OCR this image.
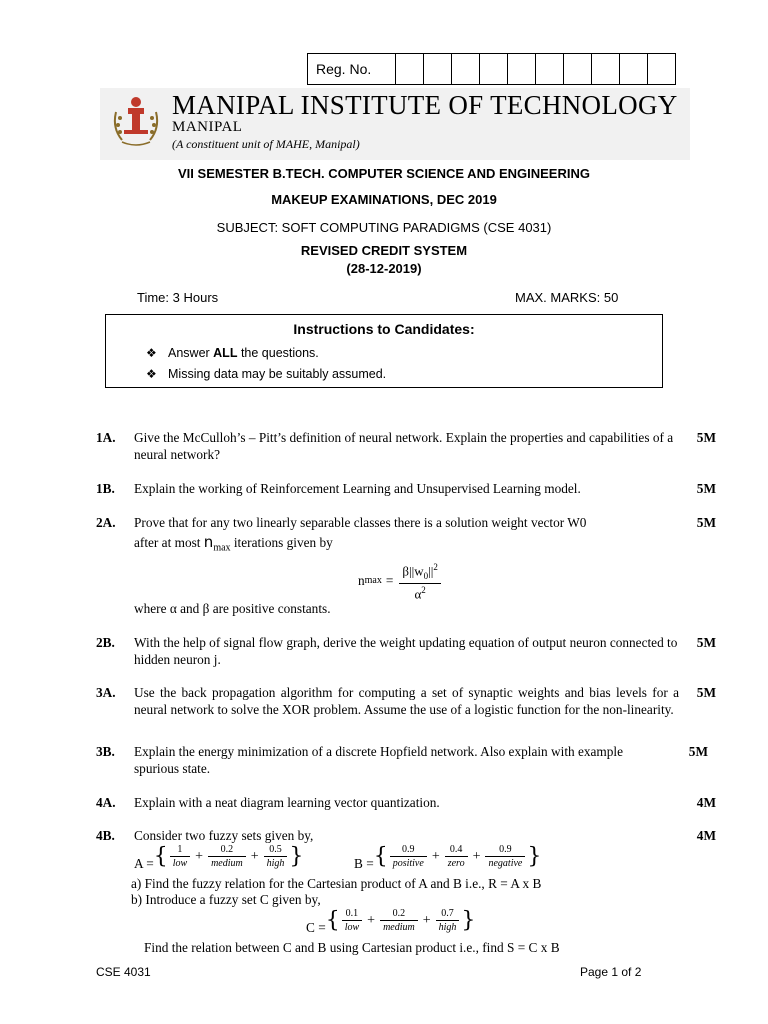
Reg. No.
MANIPAL INSTITUTE OF TECHNOLOGY
MANIPAL
(A constituent unit of MAHE, Manipal)
VII SEMESTER B.TECH. COMPUTER SCIENCE AND ENGINEERING
MAKEUP EXAMINATIONS, DEC 2019
SUBJECT: SOFT COMPUTING PARADIGMS (CSE 4031)
REVISED CREDIT SYSTEM
(28-12-2019)
Time: 3 Hours	MAX. MARKS: 50
Instructions to Candidates:
❖ Answer ALL the questions.
❖ Missing data may be suitably assumed.
1A. Give the McCulloh’s – Pitt’s definition of neural network. Explain the properties and capabilities of a neural network?
5M
1B. Explain the working of Reinforcement Learning and Unsupervised Learning model.	5M
2A. Prove that for any two linearly separable classes there is a solution weight vector W0
after at most $n_{max}$ iterations given by
n $\max = \frac{\beta||w_0||^2}{\alpha^2}$
where α and β are positive constants.
5M
2B. With the help of signal flow graph, derive the weight updating equation of output neuron connected to hidden neuron j.
5M
3A. Use the back propagation algorithm for computing a set of synaptic weights and bias levels for a neural network to solve the XOR problem. Assume the use of a logistic function for the non-linearity.
5M
3B. Explain the energy minimization of a discrete Hopfield network. Also explain with example spurious state.
5M
4A. Explain with a neat diagram learning vector quantization.	4M
4B. Consider two fuzzy sets given by,
A = { $\frac{1}{\text{low}} + \frac{0.2}{\text{medium}} + \frac{0.5}{\text{high}}$ }	B = { $\frac{0.9}{\text{positive}} + \frac{0.4}{\text{zero}} + \frac{0.9}{\text{negative}}$ }
a) Find the fuzzy relation for the Cartesian product of A and B i.e., R = A x B
b) Introduce a fuzzy set C given by,
C = { $\frac{0.1}{\text{low}} + \frac{0.2}{\text{medium}} + \frac{0.7}{\text{high}}$ }
Find the relation between C and B using Cartesian product i.e., find S = C x B
4M
CSE 4031	Page 1 of 2
